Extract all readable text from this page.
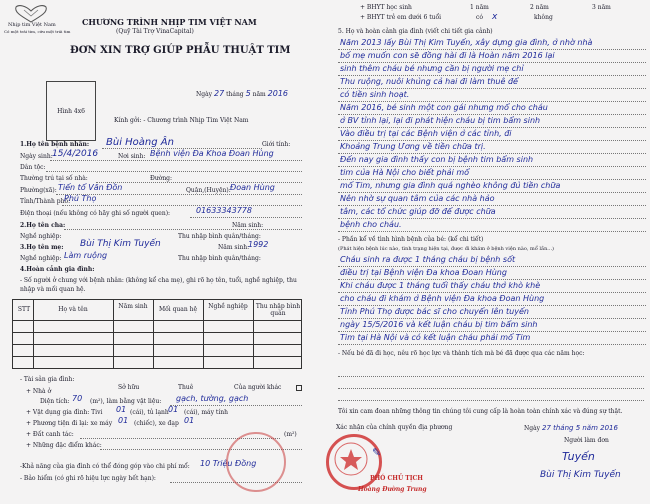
Nhịp tim Việt Nam
Có một trái tim, cứu một trái tim
CHƯƠNG TRÌNH NHỊP TIM VIỆT NAM
(Quỹ Tài Trợ VinaCapital)
ĐƠN XIN TRỢ GIÚP PHẪU THUẬT TIM
Hình 4x6
Ngày 27 tháng 5 năm 2016
Kính gởi: - Chương trình Nhịp Tim Việt Nam
1.Họ tên bệnh nhân: Bùi Hoàng Ân	Giới tính:
Ngày sinh: 15/4/2016	Nơi sinh: Bệnh viện Đa Khoa Đoan Hùng
Dân tộc:
Thường trú tại số nhà:	Đường:
Phường(xã): Tiến tổ Văn Đồn	Quận,(Huyện): Đoan Hùng
Tỉnh/Thành phố:
Phú Thọ
Điện thoại (nếu không có hãy ghi số người quen):	01633343778
2.Họ tên cha:	Năm sinh:
Nghề nghiệp:	Thu nhập bình quân/tháng:
3.Họ tên mẹ: Bùi Thị Kim Tuyến	Năm sinh:
1992
Nghề nghiệp: Làm ruộng	Thu nhập bình quân/tháng:
4.Hoàn cảnh gia đình:
- Số người ở chung với bệnh nhân: (không kể cha mẹ), ghi rõ họ tên, tuổi, nghề nghiệp, thu nhập và mối quan hệ.
STT	Họ và tên	Năm sinh	Mối quan hệ	Nghề nghiệp	Thu nhập bình quân
- Tài sản gia đình:
+ Nhà ở
Sở hữu	Thuê	Của người khác
Diện tích: 70 (m²), làm bằng vật liệu: gạch, tường, gạch
+ Vật dụng gia đình: Tivi 01 (cái), tủ lạnh 01 (cái), máy tính
+ Phương tiện đi lại: xe máy 01 (chiếc), xe đạp 01
+ Đất canh tác:	(m²)
+ Những đặc điểm khác:
-Khả năng của gia đình có thể đóng góp vào chi phí mổ: 10 Triệu Đồng
- Bảo hiểm (có ghi rõ hiệu lực ngày hết hạn):
+ BHYT học sinh	1 năm	2 năm	3 năm
+ BHYT trẻ em dưới 6 tuổi	có x	không
5. Họ và hoàn cảnh gia đình (viết chi tiết gia cảnh)
Năm 2013 lấy Bùi Thị Kim Tuyến, xây dựng gia đình, ở nhờ nhà
bố mẹ muốn con sẽ đồng hài đi là Hoàn năm 2016 lại
sinh thêm cháu bé nhưng cần bị người mẹ chỉ
Thu ruộng, nuôi khủng cả hai đi làm thuê để
có tiền sinh hoạt.
Năm 2016, bé sinh một con gái nhưng mổ cho cháu
ở BV tỉnh lại, lại đi phát hiện cháu bị tim bẩm sinh
Vào điều trị tại các Bệnh viện ở các tỉnh, đi
Khoảng Trung Ương về tiền chữa trị.
Đến nay gia đình thấy con bị bệnh tim bẩm sinh
tim của Hà Nội cho biết phải mổ
mổ Tim, nhưng gia đình quá nghèo không đủ tiền chữa
Nên nhờ sự quan tâm của các nhà hảo
tâm, các tổ chức giúp đỡ để được chữa
bệnh cho cháu.
- Phần kể về tình hình bệnh của bé: (kể chi tiết)
(Phát hiện bệnh lúc nào, tình trạng hiện tại, được đi khám ở bệnh viện nào, mổ lần...)
Cháu sinh ra được 1 tháng cháu bị bệnh sốt
điều trị tại Bệnh viện Đa khoa Đoan Hùng
Khi cháu được 1 tháng tuổi thấy cháu thở khò khè
cho cháu đi khám ở Bệnh viện Đa khoa Đoan Hùng
Tỉnh Phú Thọ được bác sĩ cho chuyển lên tuyến
ngày 15/5/2016 và kết luận cháu bị tim bẩm sinh
Tim tại Hà Nội và có kết luận cháu phải mổ Tim
- Nếu bé đã đi học, nêu rõ học lực và thành tích mà bé đã được qua các năm học:
Tôi xin cam đoan những thông tin chúng tôi cung cấp là hoàn toàn chính xác và đúng sự thật.
Xác nhận của chính quyền địa phương	Ngày 27 tháng 5 năm 2016
Người làm đơn
Tuyến
Bùi Thị Kim Tuyến
✎
PHÓ CHỦ TỊCH
Hoàng Đường Trung
